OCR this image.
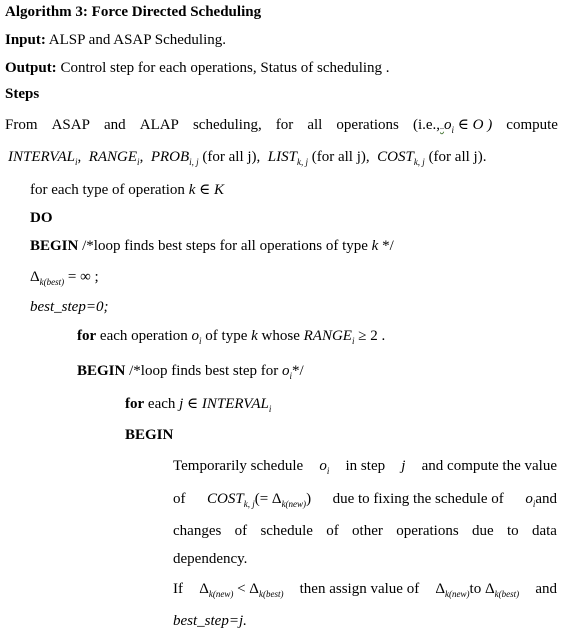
Algorithm 3: Force Directed Scheduling
Input: ALSP and ASAP Scheduling.
Output: Control step for each operations, Status of scheduling .
Steps
From ASAP and ALAP scheduling, for all operations ($i.e.,..o_i$ ∈ O ) compute
$INTERVAL_i$,  $RANGE_i$,  $PROB_{i, j}$ (for all j), $LIST_{k, j}$ (for all j), $COST_{k, j}$ (for all j).
for each type of operation k ∈ K
DO
BEGIN /*loop finds best steps for all operations of type k */
$\Delta_{k(best)}$ = ∞ ;
best_step=0;
for each operation $o_i$ of type k whose $RANGE_i \ge 2$ .
BEGIN /*loop finds best step for $o_i*/$
for each j ∈ $INTERVAL_i$
BEGIN
Temporarily schedule $o_i$ in step j and compute the value
of $COST_{k, j}(= \Delta_{k(new)})$ due to fixing the schedule of $o_iand$
changes of schedule of other operations due to data
dependency.
If $\Delta_{k(new)} < \Delta_{k(best)}$ then assign value of $\Delta_{k(new)}to$ $\Delta_{k(best)}$ and
best_step=j.
